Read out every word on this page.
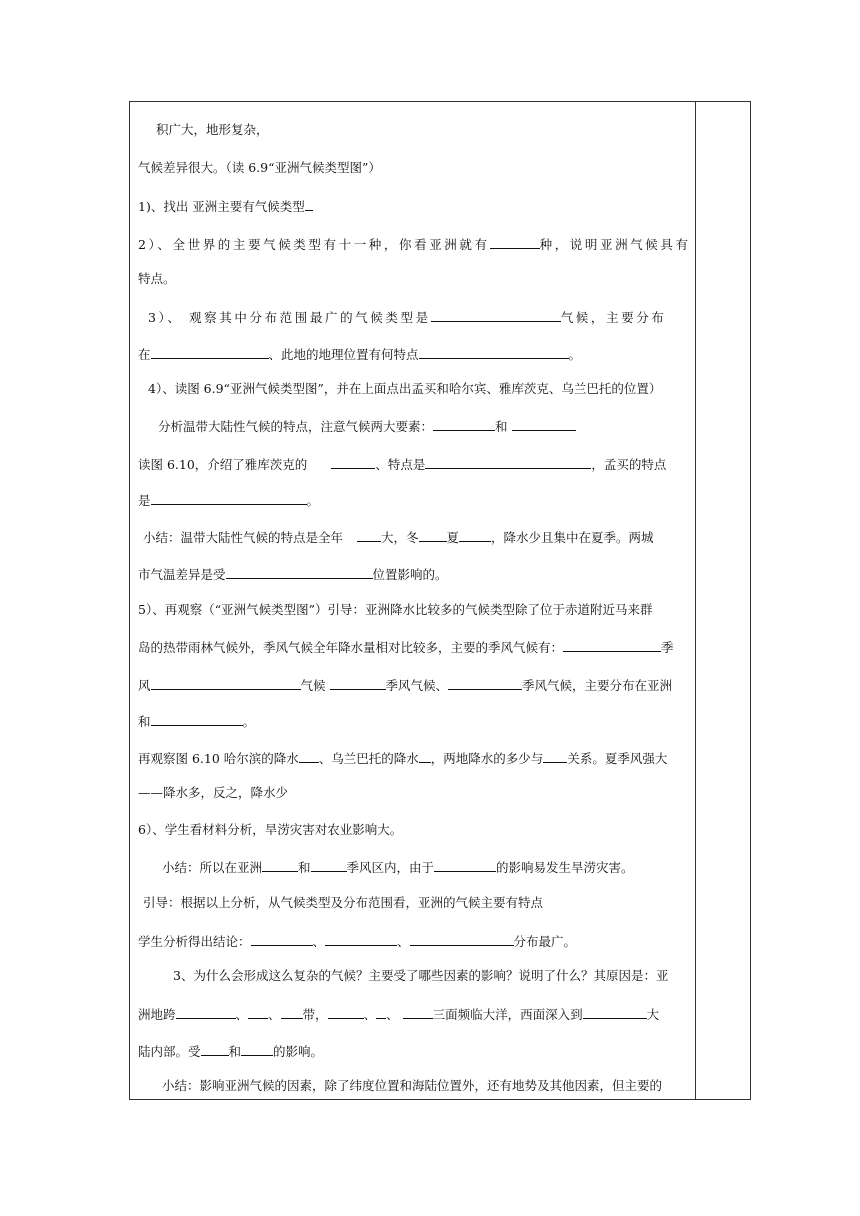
积广大，地形复杂，
气候差异很大。（读 6.9“亚洲气候类型图”）
1)、找出 亚洲主要有气候类型
2）、全世界的主要气候类型有十一种，你看亚洲就有	种，说明亚洲气候具有
特点。
3）、 观察其中分布范围最广的气候类型是	气候，主要分布
在	、此地的地理位置有何特点	。
4）、读图 6.9“亚洲气候类型图”，并在上面点出孟买和哈尔宾、雅库茨克、乌兰巴托的位置）
分析温带大陆性气候的特点，注意气候两大要素：	和
读图 6.10，介绍了雅库茨克的	、特点是	，孟买的特点
是	。
小结：温带大陆性气候的特点是全年	大，冬 夏	，降水少且集中在夏季。两城
市气温差异是受	位置影响的。
5）、再观察（“亚洲气候类型图”）引导：亚洲降水比较多的气候类型除了位于赤道附近马来群
岛的热带雨林气候外，季风气候全年降水量相对比较多，主要的季风气候有：	季
风	气候	季风气候、	季风气候，主要分布在亚洲
和	。
再观察图 6.10 哈尔滨的降水 、乌兰巴托的降水 ，两地降水的多少与 关系。夏季风强大
——降水多，反之，降水少
6）、学生看材料分析，旱涝灾害对农业影响大。
小结：所以在亚洲	和	季风区内，由于	的影响易发生旱涝灾害。
引导：根据以上分析，从气候类型及分布范围看，亚洲的气候主要有特点
学生分析得出结论：	、	、	分布最广。
3、为什么会形成这么复杂的气候？主要受了哪些因素的影响？说明了什么？其原因是：亚
洲地跨	、 、 带，	、 、	三面频临大洋，西面深入到	大
陆内部。受 和	的影响。
小结：影响亚洲气候的因素，除了纬度位置和海陆位置外，还有地势及其他因素，但主要的
